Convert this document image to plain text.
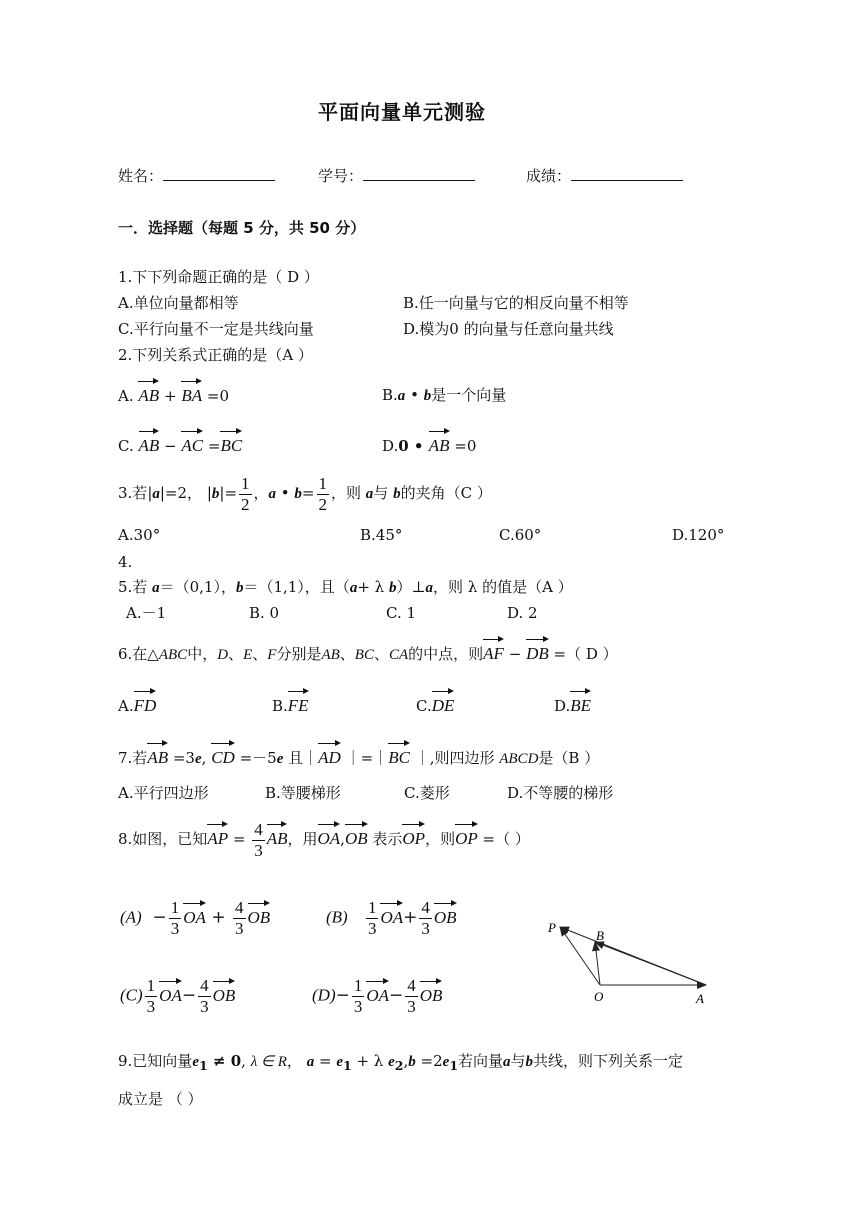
平面向量单元测验
姓名：	学号：	成绩：
一．选择题（每题 5 分，共 50 分）
1.下下列命题正确的是（ D ）
A.单位向量都相等	B.任一向量与它的相反向量不相等
C.平行向量不一定是共线向量	D.模为0 的向量与任意向量共线
2.下列关系式正确的是（A ）
A. AB + BA =0	B.a • b是一个向量
C. AB − AC =BC	D.0 • AB =0
3.若|a|=2， $|b|= \frac{1}{2}$ ，a • $b= \frac{1}{2}$ ，则 a与 b的夹角（C ）
A.30°	B.45°	C.60°	D.120°
4.
5.若 a＝（0,1），b＝（1,1），且（a+ λ b）⊥a，则 λ 的值是（A ）
A.－1	B. 0	C. 1	D. 2
6.在△ABC中，D、E、F分别是AB、BC、CA的中点，则AF − DB =（ D ）
A.FD	B.FE	C.DE	D.BE
7.若AB =3e, CD =－5e 且｜AD ｜=｜BC ｜,则四边形 ABCD是（B ）
A.平行四边形	B.等腰梯形	C.菱形	D.不等腰的梯形
8.如图，已知AP = $\frac{4}{3}$ AB，用OA,OB 表示OP，则OP =（ ）
$(A) - \frac{1}{3}$ OA + $\frac{4}{3}$ OB	$(B) \frac{1}{3} OA+ \frac{4}{3}$ OB
$(C) \frac{1}{3} OA- \frac{4}{3}$ OB	$(D)- \frac{1}{3} OA- \frac{4}{3}$ OB
P
B
O	A
9.已知向量$e_1 \ne 0$, λ ∈ R， $a = e_1 + \lambda$ $e_2,b =2e_1$若向量a与b共线，则下列关系一定
成立是 （ ）
